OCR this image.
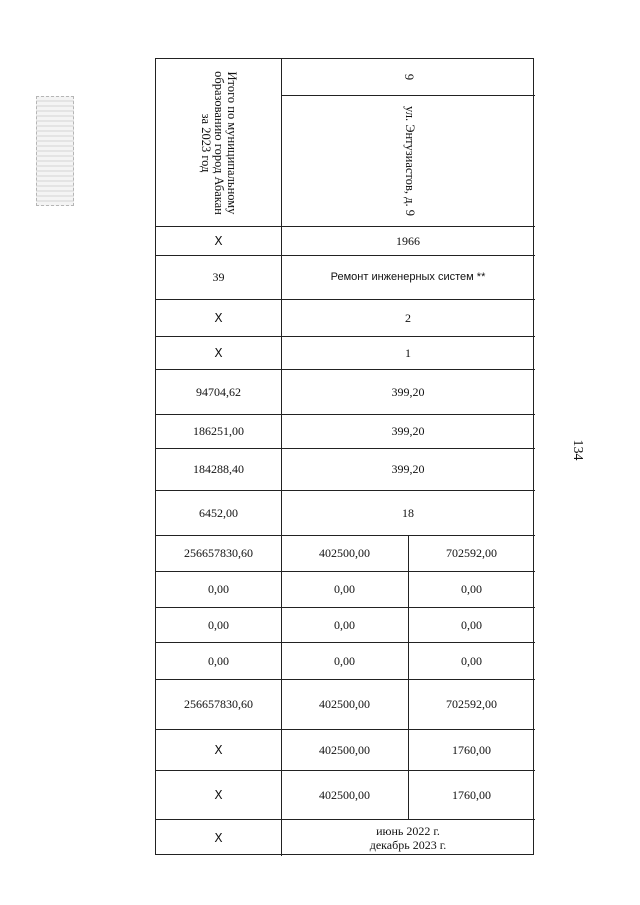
134
Итого по муниципальному
образованию город Абакан
за 2023 год
9
ул. Энтузиастов, д. 9
X	1966
39	Ремонт инженерных систем **
X	2
X	1
94704,62	399,20
186251,00	399,20
184288,40	399,20
6452,00	18
256657830,60	402500,00	702592,00
0,00	0,00	0,00
0,00	0,00	0,00
0,00	0,00	0,00
256657830,60	402500,00	702592,00
X	402500,00	1760,00
X	402500,00	1760,00
X	июнь 2022 г.
декабрь 2023 г.
